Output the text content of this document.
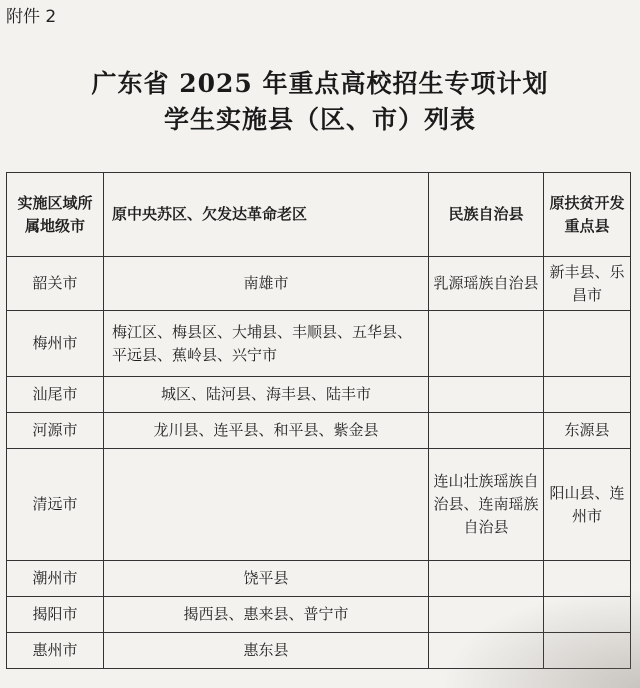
附件 2
广东省 2025 年重点高校招生专项计划
学生实施县（区、市）列表
实施区域所属地级市	原中央苏区、欠发达革命老区	民族自治县	原扶贫开发重点县
韶关市	南雄市	乳源瑶族自治县	新丰县、乐昌市
梅州市	梅江区、梅县区、大埔县、丰顺县、五华县、平远县、蕉岭县、兴宁市		
汕尾市	城区、陆河县、海丰县、陆丰市		
河源市	龙川县、连平县、和平县、紫金县		东源县
清远市		连山壮族瑶族自治县、连南瑶族自治县	阳山县、连州市
潮州市	饶平县		
揭阳市	揭西县、惠来县、普宁市		
惠州市	惠东县		
